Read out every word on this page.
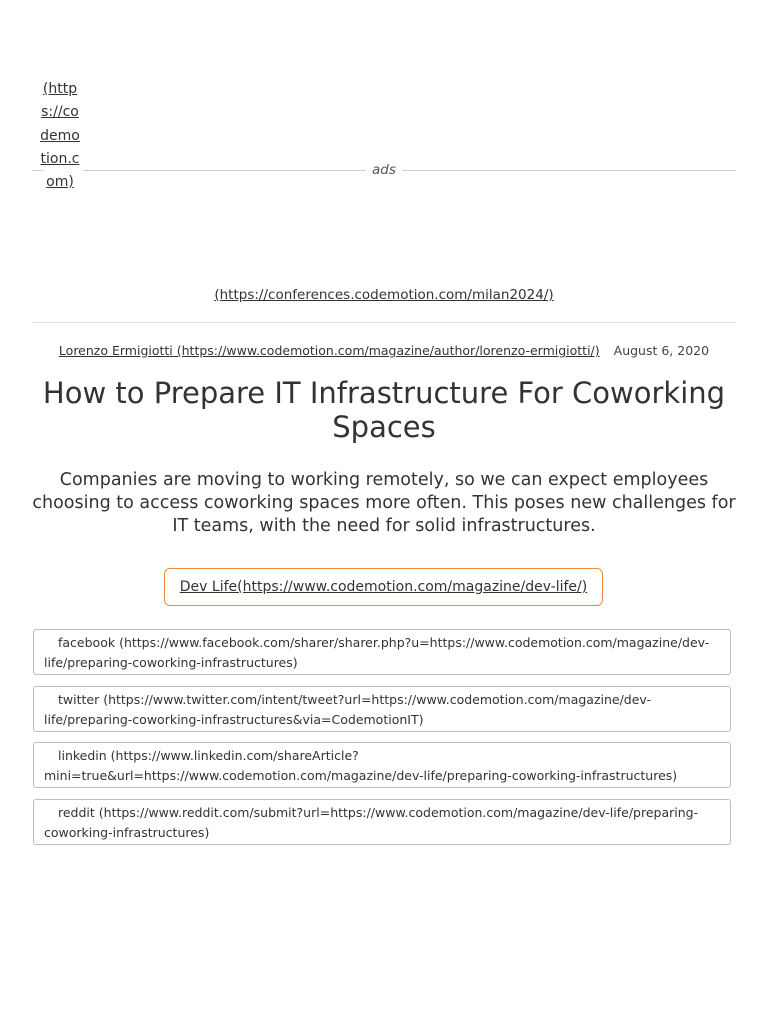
(https://codemotion.com)
ads
(https://conferences.codemotion.com/milan2024/)
Lorenzo Ermigiotti (https://www.codemotion.com/magazine/author/lorenzo-ermigiotti/) August 6, 2020
How to Prepare IT Infrastructure For Coworking Spaces

Companies are moving to working remotely, so we can expect employees choosing to access coworking spaces more often. This poses new challenges for IT teams, with the need for solid infrastructures.

Dev Life(https://www.codemotion.com/magazine/dev-life/)
facebook (https://www.facebook.com/sharer/sharer.php?u=https://www.codemotion.com/magazine/dev-life/preparing-coworking-infrastructures)
twitter (https://www.twitter.com/intent/tweet?url=https://www.codemotion.com/magazine/dev-life/preparing-coworking-infrastructures&via=CodemotionIT)
linkedin (https://www.linkedin.com/shareArticle?mini=true&url=https://www.codemotion.com/magazine/dev-life/preparing-coworking-infrastructures)
reddit (https://www.reddit.com/submit?url=https://www.codemotion.com/magazine/dev-life/preparing-coworking-infrastructures)
